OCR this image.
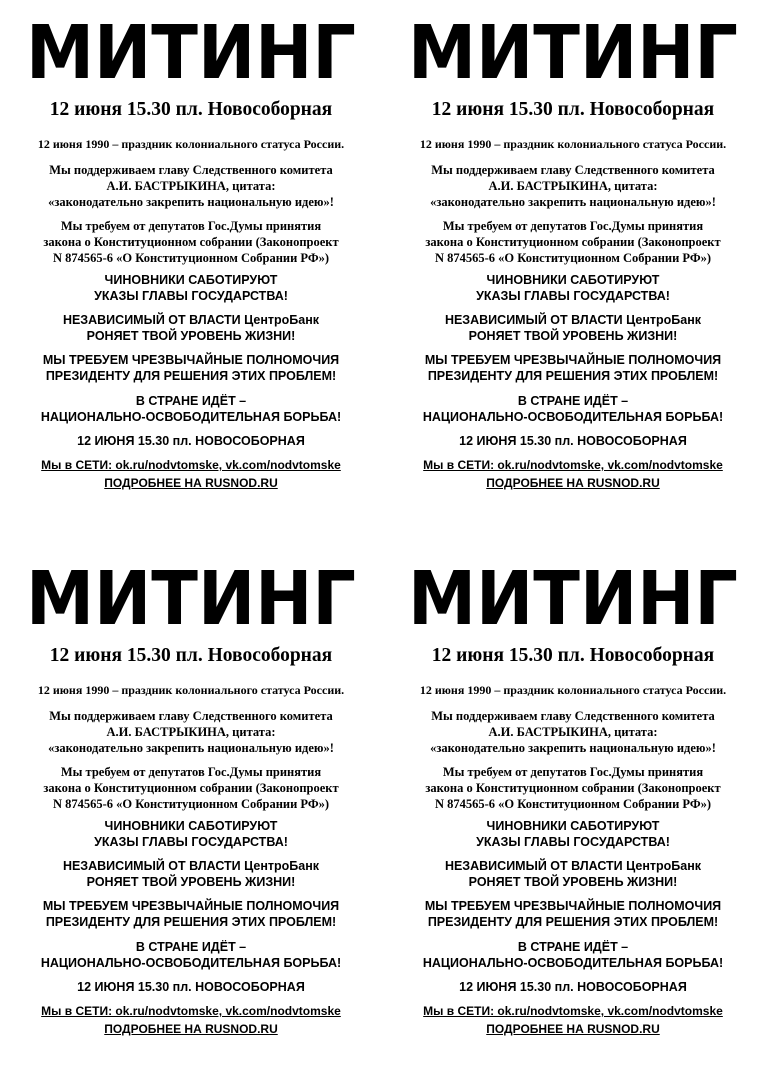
МИТИНГ
12 июня 15.30 пл. Новособорная
12 июня 1990 – праздник колониального статуса России.
Мы поддерживаем главу Следственного комитета
А.И. БАСТРЫКИНА, цитата:
«законодательно закрепить национальную идею»!
Мы требуем от депутатов Гос.Думы принятия
закона о Конституционном собрании (Законопроект
N 874565-6 «О Конституционном Собрании РФ»)
ЧИНОВНИКИ САБОТИРУЮТ
УКАЗЫ ГЛАВЫ ГОСУДАРСТВА!
НЕЗАВИСИМЫЙ ОТ ВЛАСТИ ЦентроБанк
РОНЯЕТ ТВОЙ УРОВЕНЬ ЖИЗНИ!
МЫ ТРЕБУЕМ ЧРЕЗВЫЧАЙНЫЕ ПОЛНОМОЧИЯ
ПРЕЗИДЕНТУ ДЛЯ РЕШЕНИЯ ЭТИХ ПРОБЛЕМ!
В СТРАНЕ ИДЁТ –
НАЦИОНАЛЬНО-ОСВОБОДИТЕЛЬНАЯ БОРЬБА!
12 ИЮНЯ 15.30 пл. НОВОСОБОРНАЯ
Мы в СЕТИ: ok.ru/nodvtomske, vk.com/nodvtomske
ПОДРОБНЕЕ НА RUSNOD.RU
МИТИНГ
12 июня 15.30 пл. Новособорная
12 июня 1990 – праздник колониального статуса России.
Мы поддерживаем главу Следственного комитета
А.И. БАСТРЫКИНА, цитата:
«законодательно закрепить национальную идею»!
Мы требуем от депутатов Гос.Думы принятия
закона о Конституционном собрании (Законопроект
N 874565-6 «О Конституционном Собрании РФ»)
ЧИНОВНИКИ САБОТИРУЮТ
УКАЗЫ ГЛАВЫ ГОСУДАРСТВА!
НЕЗАВИСИМЫЙ ОТ ВЛАСТИ ЦентроБанк
РОНЯЕТ ТВОЙ УРОВЕНЬ ЖИЗНИ!
МЫ ТРЕБУЕМ ЧРЕЗВЫЧАЙНЫЕ ПОЛНОМОЧИЯ
ПРЕЗИДЕНТУ ДЛЯ РЕШЕНИЯ ЭТИХ ПРОБЛЕМ!
В СТРАНЕ ИДЁТ –
НАЦИОНАЛЬНО-ОСВОБОДИТЕЛЬНАЯ БОРЬБА!
12 ИЮНЯ 15.30 пл. НОВОСОБОРНАЯ
Мы в СЕТИ: ok.ru/nodvtomske, vk.com/nodvtomske
ПОДРОБНЕЕ НА RUSNOD.RU
МИТИНГ
12 июня 15.30 пл. Новособорная
12 июня 1990 – праздник колониального статуса России.
Мы поддерживаем главу Следственного комитета
А.И. БАСТРЫКИНА, цитата:
«законодательно закрепить национальную идею»!
Мы требуем от депутатов Гос.Думы принятия
закона о Конституционном собрании (Законопроект
N 874565-6 «О Конституционном Собрании РФ»)
ЧИНОВНИКИ САБОТИРУЮТ
УКАЗЫ ГЛАВЫ ГОСУДАРСТВА!
НЕЗАВИСИМЫЙ ОТ ВЛАСТИ ЦентроБанк
РОНЯЕТ ТВОЙ УРОВЕНЬ ЖИЗНИ!
МЫ ТРЕБУЕМ ЧРЕЗВЫЧАЙНЫЕ ПОЛНОМОЧИЯ
ПРЕЗИДЕНТУ ДЛЯ РЕШЕНИЯ ЭТИХ ПРОБЛЕМ!
В СТРАНЕ ИДЁТ –
НАЦИОНАЛЬНО-ОСВОБОДИТЕЛЬНАЯ БОРЬБА!
12 ИЮНЯ 15.30 пл. НОВОСОБОРНАЯ
Мы в СЕТИ: ok.ru/nodvtomske, vk.com/nodvtomske
ПОДРОБНЕЕ НА RUSNOD.RU
МИТИНГ
12 июня 15.30 пл. Новособорная
12 июня 1990 – праздник колониального статуса России.
Мы поддерживаем главу Следственного комитета
А.И. БАСТРЫКИНА, цитата:
«законодательно закрепить национальную идею»!
Мы требуем от депутатов Гос.Думы принятия
закона о Конституционном собрании (Законопроект
N 874565-6 «О Конституционном Собрании РФ»)
ЧИНОВНИКИ САБОТИРУЮТ
УКАЗЫ ГЛАВЫ ГОСУДАРСТВА!
НЕЗАВИСИМЫЙ ОТ ВЛАСТИ ЦентроБанк
РОНЯЕТ ТВОЙ УРОВЕНЬ ЖИЗНИ!
МЫ ТРЕБУЕМ ЧРЕЗВЫЧАЙНЫЕ ПОЛНОМОЧИЯ
ПРЕЗИДЕНТУ ДЛЯ РЕШЕНИЯ ЭТИХ ПРОБЛЕМ!
В СТРАНЕ ИДЁТ –
НАЦИОНАЛЬНО-ОСВОБОДИТЕЛЬНАЯ БОРЬБА!
12 ИЮНЯ 15.30 пл. НОВОСОБОРНАЯ
Мы в СЕТИ: ok.ru/nodvtomske, vk.com/nodvtomske
ПОДРОБНЕЕ НА RUSNOD.RU
